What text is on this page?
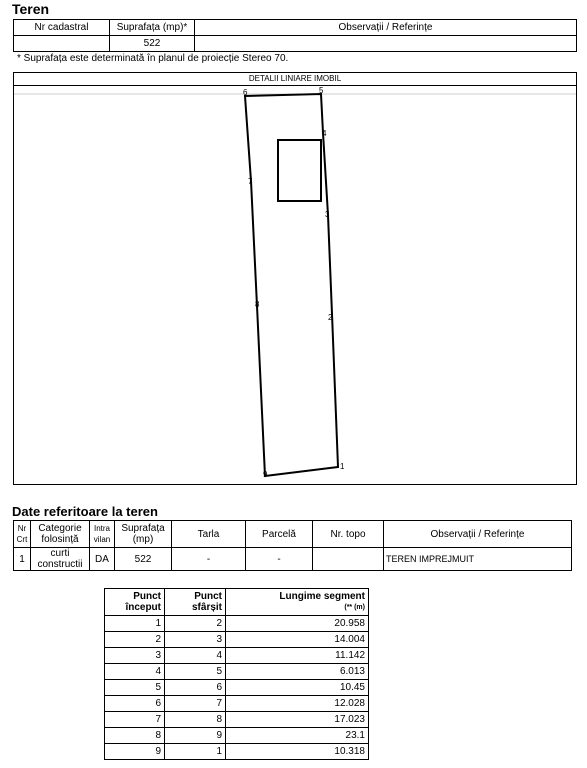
Teren
Nr cadastral	Suprafața (mp)*	Observații / Referințe
	522	
* Suprafața este determinată în planul de proiecție Stereo 70.
DETALII LINIARE IMOBIL
1
2
3
4
5
6
7
8
9
Date referitoare la teren
Nr Crt	Categorie folosință	Intra vilan	Suprafața (mp)	Tarla	Parcelă	Nr. topo	Observații / Referințe
1	curti constructii	DA	522	-	-		TEREN IMPREJMUIT
Punct început	Punct sfârșit	Lungime segment
(** (m)

1	2	20.958
2	3	14.004
3	4	11.142
4	5	6.013
5	6	10.45
6	7	12.028
7	8	17.023
8	9	23.1
9	1	10.318
